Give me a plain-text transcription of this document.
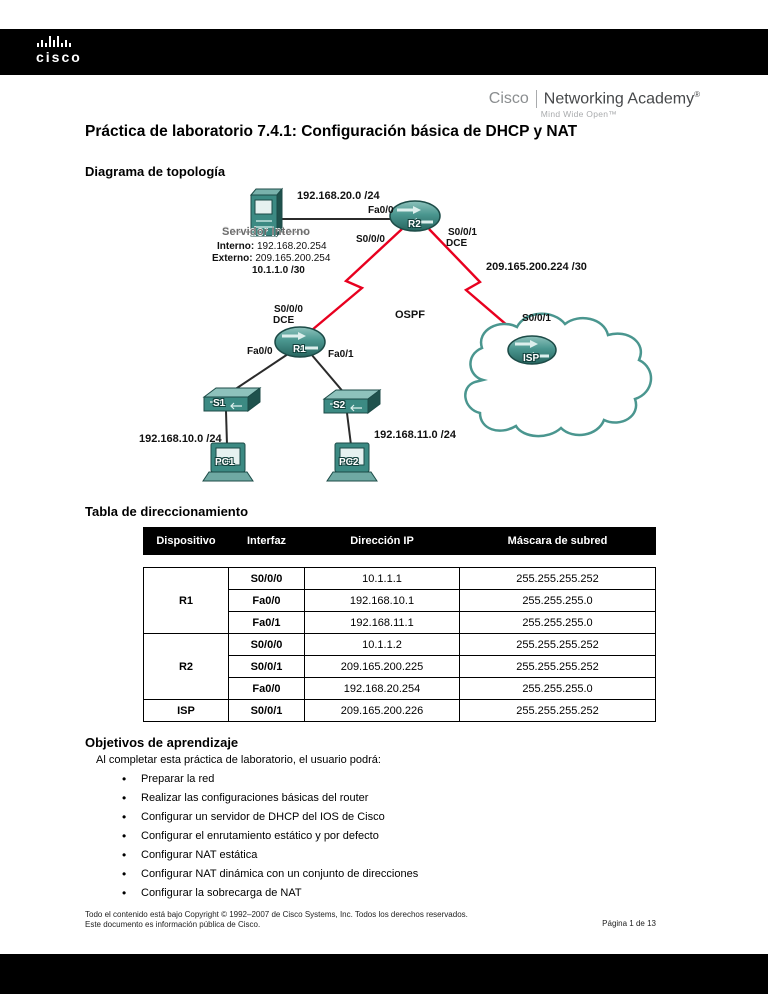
cisco
Cisco Networking Academy®
Mind Wide Open™
Práctica de laboratorio 7.4.1: Configuración básica de DHCP y NAT
Diagrama de topología
Tabla de direccionamiento
Objetivos de aprendizaje
192.168.20.0 /24
Fa0/0
S0/0/0
S0/0/1
DCE
Servidor Interno
Interno: 192.168.20.254
Externo: 209.165.200.254
10.1.1.0 /30	209.165.200.224 /30
S0/0/0
DCE	OSPF	S0/0/1
Fa0/0	Fa0/1
192.168.10.0 /24	192.168.11.0 /24
R2
R1
ISP
S1	S2
PC1	PC2
Dispositivo	Interfaz	Dirección IP	Máscara de subred

R1	S0/0/0	10.1.1.1	255.255.255.252
	Fa0/0	192.168.10.1	255.255.255.0
	Fa0/1	192.168.11.1	255.255.255.0
R2	S0/0/0	10.1.1.2	255.255.255.252
	S0/0/1	209.165.200.225	255.255.255.252
	Fa0/0	192.168.20.254	255.255.255.0
ISP	S0/0/1	209.165.200.226	255.255.255.252
Al completar esta práctica de laboratorio, el usuario podrá:
• Preparar la red
• Realizar las configuraciones básicas del router
• Configurar un servidor de DHCP del IOS de Cisco
• Configurar el enrutamiento estático y por defecto
• Configurar NAT estática
• Configurar NAT dinámica con un conjunto de direcciones
• Configurar la sobrecarga de NAT
Todo el contenido está bajo Copyright © 1992–2007 de Cisco Systems, Inc. Todos los derechos reservados.
Este documento es información pública de Cisco.	Página 1 de 13
